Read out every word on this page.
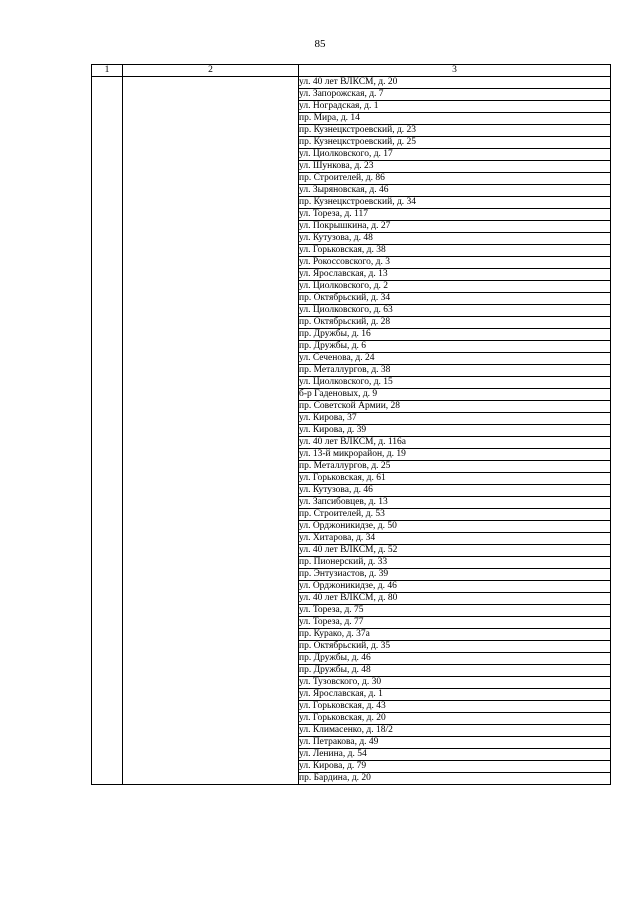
85
1	2	3
		ул. 40 лет ВЛКСМ, д. 20
		ул. Запорожская, д. 7
		ул. Ноградская, д. 1
		пр. Мира, д. 14
		пр. Кузнецкстроевский, д. 23
		пр. Кузнецкстроевский, д. 25
		ул. Циолковского, д. 17
		ул. Шункова, д. 23
		пр. Строителей, д. 86
		ул. Зыряновская, д. 46
		пр. Кузнецкстроевский, д. 34
		ул. Тореза, д. 117
		ул. Покрышкина, д. 27
		ул. Кутузова, д. 48
		ул. Горьковская, д. 38
		ул. Рокоссовского, д. 3
		ул. Ярославская, д. 13
		ул. Циолковского, д. 2
		пр. Октябрьский, д. 34
		ул. Циолковского, д. 63
		пр. Октябрьский, д. 28
		пр. Дружбы, д. 16
		пр. Дружбы, д. 6
		ул. Сеченова, д. 24
		пр. Металлургов, д. 38
		ул. Циолковского, д. 15
		б-р Гаденовых, д. 9
		пр. Советской Армии, 28
		ул. Кирова, 37
		ул. Кирова, д. 39
		ул. 40 лет ВЛКСМ, д. 116а
		ул. 13-й микрорайон, д. 19
		пр. Металлургов, д. 25
		ул. Горьковская, д. 61
		ул. Кутузова, д. 46
		ул. Запсибовцев, д. 13
		пр. Строителей, д. 53
		ул. Орджоникидзе, д. 50
		ул. Хитарова, д. 34
		ул. 40 лет ВЛКСМ, д. 52
		пр. Пионерский, д. 33
		пр. Энтузиастов, д. 39
		ул. Орджоникидзе, д. 46
		ул. 40 лет ВЛКСМ, д. 80
		ул. Тореза, д. 75
		ул. Тореза, д. 77
		пр. Курако, д. 37а
		пр. Октябрьский, д. 35
		пр. Дружбы, д. 46
		пр. Дружбы, д. 48
		ул. Тузовского, д. 30
		ул. Ярославская, д. 1
		ул. Горьковская, д. 43
		ул. Горьковская, д. 20
		ул. Климасенко, д. 18/2
		ул. Петракова, д. 49
		ул. Ленина, д. 54
		ул. Кирова, д. 79
		пр. Бардина, д. 20
